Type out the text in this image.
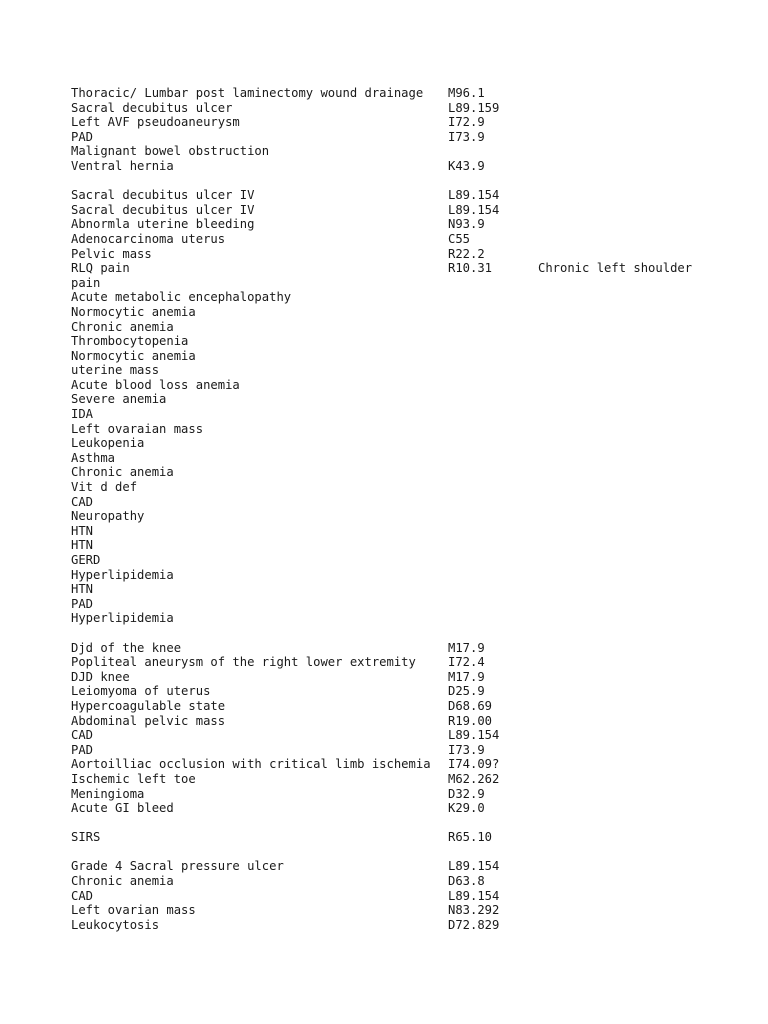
Thoracic/ Lumbar post laminectomy wound drainage M96.1
Sacral decubitus ulcer	L89.159
Left AVF pseudoaneurysm	I72.9
PAD	I73.9
Malignant bowel obstruction
Ventral hernia	K43.9
Sacral decubitus ulcer IV	L89.154
Sacral decubitus ulcer IV	L89.154
Abnormla uterine bleeding	N93.9
Adenocarcinoma uterus	C55
Pelvic mass	R22.2
RLQ pain	R10.31	Chronic left shoulder
pain
Acute metabolic encephalopathy
Normocytic anemia
Chronic anemia
Thrombocytopenia
Normocytic anemia
uterine mass
Acute blood loss anemia
Severe anemia
IDA
Left ovaraian mass
Leukopenia
Asthma
Chronic anemia
Vit d def
CAD
Neuropathy
HTN
HTN
GERD
Hyperlipidemia
HTN
PAD
Hyperlipidemia
Djd of the knee	M17.9
Popliteal aneurysm of the right lower extremity	I72.4
DJD knee	M17.9
Leiomyoma of uterus	D25.9
Hypercoagulable state	D68.69
Abdominal pelvic mass	R19.00
CAD	L89.154
PAD	I73.9
Aortoilliac occlusion with critical limb ischemia I74.09?
Ischemic left toe	M62.262
Meningioma	D32.9
Acute GI bleed	K29.0
SIRS	R65.10
Grade 4 Sacral pressure ulcer	L89.154
Chronic anemia	D63.8
CAD	L89.154
Left ovarian mass	N83.292
Leukocytosis	D72.829
